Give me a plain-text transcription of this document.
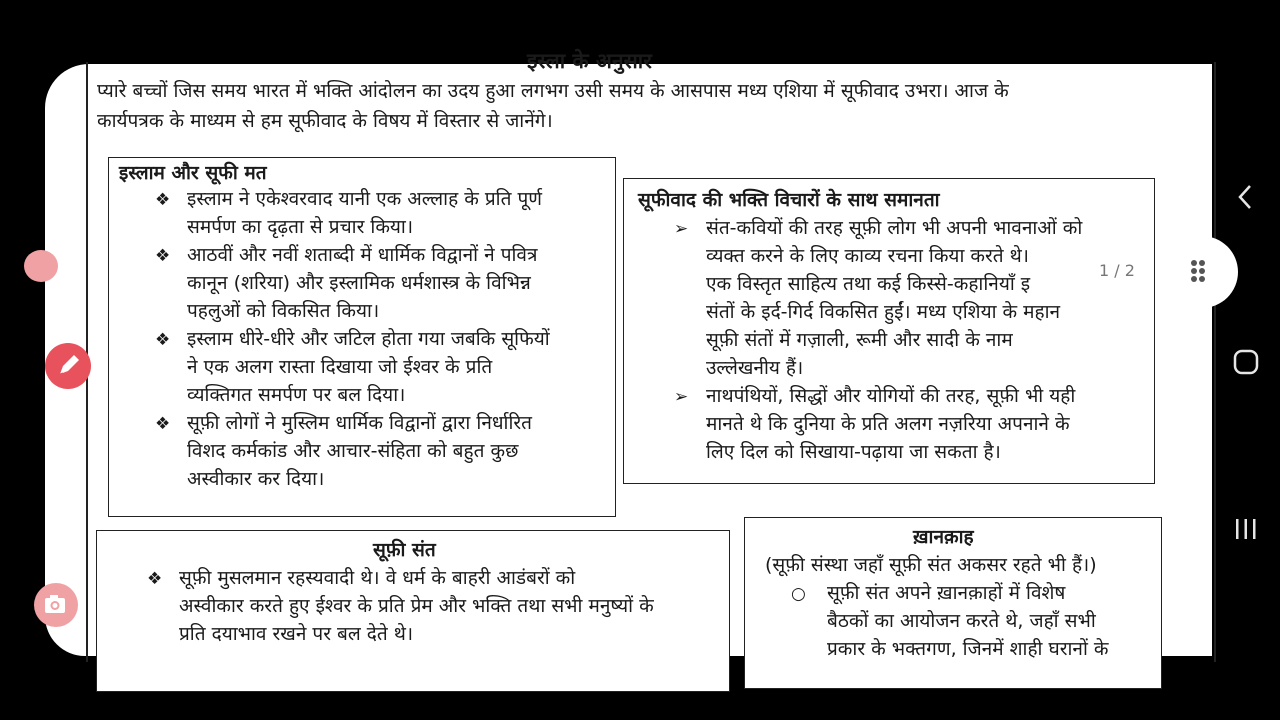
इस्ला के अनुसार
प्यारे बच्चों जिस समय भारत में भक्ति आंदोलन का उदय हुआ लगभग उसी समय के आसपास मध्य एशिया में सूफीवाद उभरा। आज के
कार्यपत्रक के माध्यम से हम सूफीवाद के विषय में विस्तार से जानेंगे।
इस्लाम और सूफी मत
❖ इस्लाम ने एकेश्वरवाद यानी एक अल्लाह के प्रति पूर्ण
समर्पण का दृढ़ता से प्रचार किया।
❖ आठवीं और नवीं शताब्दी में धार्मिक विद्वानों ने पवित्र
कानून (शरिया) और इस्लामिक धर्मशास्त्र के विभिन्न
पहलुओं को विकसित किया।
❖ इस्लाम धीरे-धीरे और जटिल होता गया जबकि सूफियों
ने एक अलग रास्ता दिखाया जो ईश्वर के प्रति
व्यक्तिगत समर्पण पर बल दिया।
❖ सूफ़ी लोगों ने मुस्लिम धार्मिक विद्वानों द्वारा निर्धारित
विशद कर्मकांड और आचार-संहिता को बहुत कुछ
अस्वीकार कर दिया।
सूफीवाद की भक्ति विचारों के साथ समानता
➢ संत-कवियों की तरह सूफ़ी लोग भी अपनी भावनाओं को
व्यक्त करने के लिए काव्य रचना किया करते थे।
एक विस्तृत साहित्य तथा कई किस्से-कहानियाँ इ
संतों के इर्द-गिर्द विकसित हुईं। मध्य एशिया के महान
सूफ़ी संतों में गज़ाली, रूमी और सादी के नाम
उल्लेखनीय हैं।
➢ नाथपंथियों, सिद्धों और योगियों की तरह, सूफ़ी भी यही
मानते थे कि दुनिया के प्रति अलग नज़रिया अपनाने के
लिए दिल को सिखाया-पढ़ाया जा सकता है।
सूफ़ी संत
❖ सूफ़ी मुसलमान रहस्यवादी थे। वे धर्म के बाहरी आडंबरों को
अस्वीकार करते हुए ईश्वर के प्रति प्रेम और भक्ति तथा सभी मनुष्यों के
प्रति दयाभाव रखने पर बल देते थे।
ख़ानक़ाह
(सूफ़ी संस्था जहाँ सूफ़ी संत अकसर रहते भी हैं।)
○ सूफ़ी संत अपने ख़ानक़ाहों में विशेष
बैठकों का आयोजन करते थे, जहाँ सभी
प्रकार के भक्तगण, जिनमें शाही घरानों के
1 / 2
